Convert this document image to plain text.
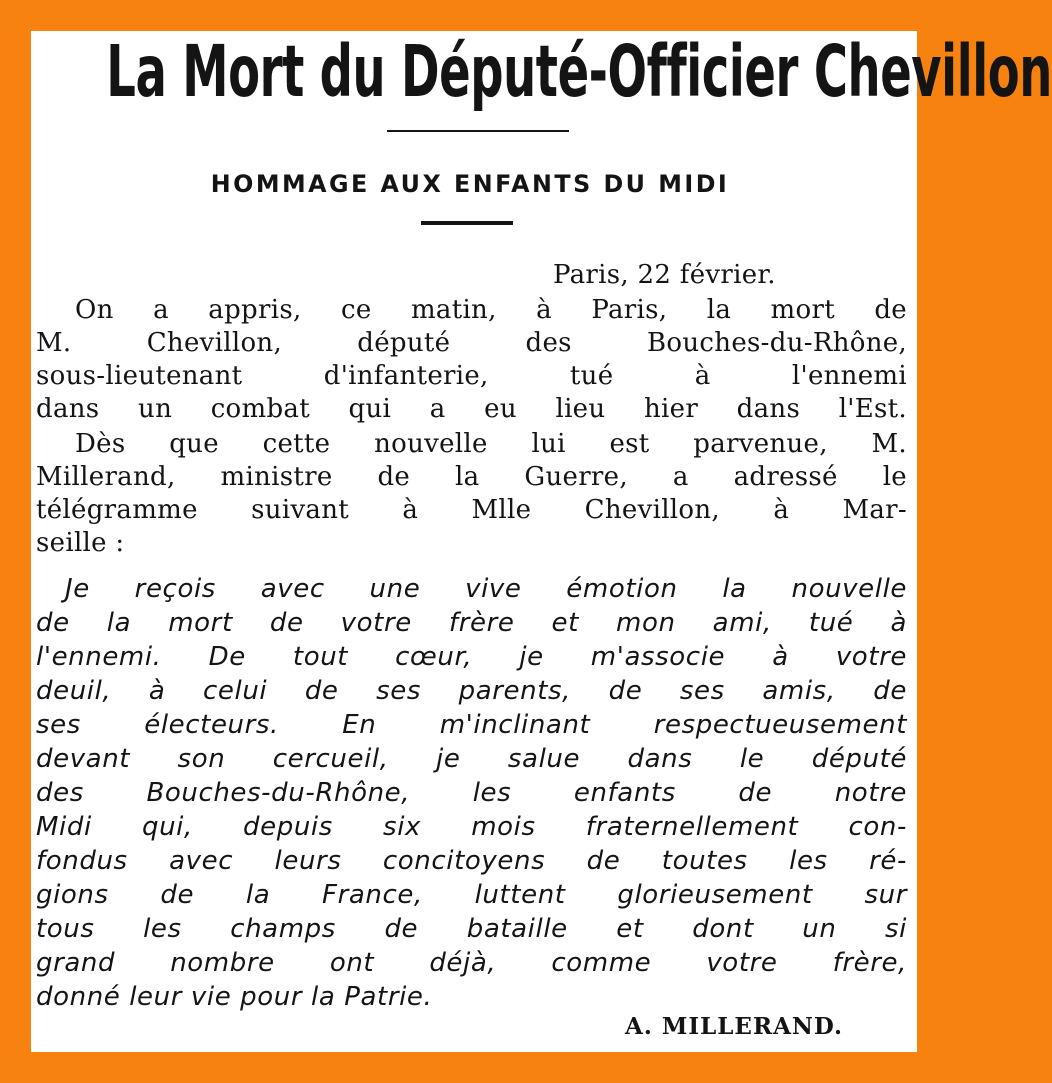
La Mort du Député-Officier Chevillon
HOMMAGE AUX ENFANTS DU MIDI
Paris, 22 février.
On a appris, ce matin, à Paris, la mort de
M. Chevillon, député des Bouches-du-Rhône,
sous-lieutenant d'infanterie, tué à l'ennemi
dans un combat qui a eu lieu hier dans l'Est.
Dès que cette nouvelle lui est parvenue, M.
Millerand, ministre de la Guerre, a adressé le
télégramme suivant à Mlle Chevillon, à Mar-
seille :
Je reçois avec une vive émotion la nouvelle
de la mort de votre frère et mon ami, tué à
l'ennemi. De tout cœur, je m'associe à votre
deuil, à celui de ses parents, de ses amis, de
ses électeurs. En m'inclinant respectueusement
devant son cercueil, je salue dans le député
des Bouches-du-Rhône, les enfants de notre
Midi qui, depuis six mois fraternellement con-
fondus avec leurs concitoyens de toutes les ré-
gions de la France, luttent glorieusement sur
tous les champs de bataille et dont un si
grand nombre ont déjà, comme votre frère,
donné leur vie pour la Patrie.
A. MILLERAND.
